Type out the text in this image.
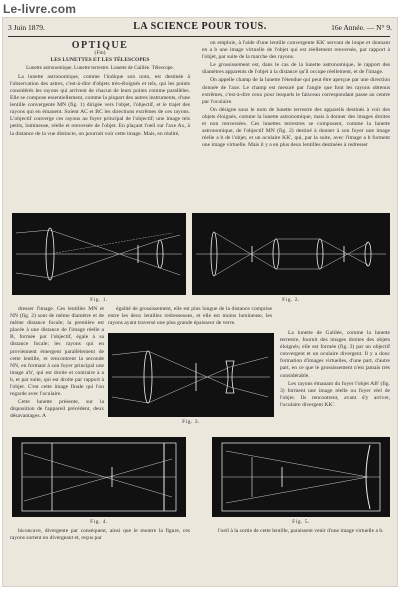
Le-livre.com
3 Juin 1879.	LA SCIENCE POUR TOUS.	16e Année. — N° 9.
OPTIQUE
(Fin)
LES LUNETTES ET LES TÉLESCOPES
Lunette astronomique. Lunette terrestre. Lunette de Galilée. Télescope.

La lunette astronomique, comme l'indique son nom, est destinée à l'observation des astres, c'est-à-dire d'objets très-éloignés et tels, qui les points considérés les rayons qui arrivent de chacun de leurs points comme parallèles. Elle se compose essentiellement, comme la plupart des autres instruments, d'une lentille convergente MN (fig. 1) dirigée vers l'objet, l'objectif, et le trajet des rayons qui en émanent. Soient AC et BC les directions extrêmes de ces rayons. L'objectif converge ces rayons au foyer principal de l'objectif; une image tels petits, lumineuse, réelle et renversée de l'objet. En plaçant l'oeil sur l'axe Ax, à la distance de la vue distincte, on pourrait voir cette image. Mais, en réalité,

on emploie, à l'aide d'une lentille convergente KK' servant de loupe et donnant en a b une image virtuelle de l'objet qui est réellement renversée, par rapport à l'objet, par suite de la marche des rayons.

Le grossissement est, dans le cas de la lunette astronomique, le rapport des diamètres apparents de l'objet à la distance qu'il occupe réellement, et de l'image.

On appelle champ de la lunette l'étendue qui peut être aperçue par une direction donnée de l'axe. Le champ est mesuré par l'angle que font les rayons obtenus extrêmes, c'est-à-dire ceux pour lesquels le faisceau correspondant passe au centre par l'oculaire.

On désigne sous le nom de lunette terrestre des appareils destinés à voir des objets éloignés, comme la lunette astronomique, mais à donner des images droites et non renversées. Ces lunettes terrestres se composent, comme la lunette astronomique, de l'objectif MN (fig. 2) destiné à donner à son foyer une image réelle a b de l'objet, et un oculaire KK', qui, par la suite, avec l'image a b forment une image virtuelle. Mais il y a en plus deux lentilles destinées à redresser

Fig. 1.	Fig. 2.

dresser l'image. Ces lentilles MN et NN (fig. 2) sont de même diamètre et de même distance focale; la première est placée à une distance de l'image réelle a B, formée par l'objectif, égale à sa distance focale; les rayons qui en proviennent émergent parallèlement de cette lentille, et rencontrent la seconde NN, en formant à son foyer principal une image a'b', qui est droite et contraire à a b, et par suite, qui est droite par rapport à l'objet. C'est cette image finale qui l'on regarde avec l'oculaire.

Cette lunette présente, sur la disposition de l'appareil précédent, deux désavantages. A

égalité de grossissement, elle est plus longue de la distance comprise entre les deux lentilles redresseuses, et elle est moins lumineuse, les rayons ayant traversé une plus grande épaisseur de verre.

Fig. 3.

La lunette de Galilée, comme la lunette terrestre, fournit des images droites des objets éloignés; elle est formée (fig. 3) par un objectif convergent et un oculaire divergent. Il y a donc formation d'images virtuelles, d'une part, d'autre part, en ce que le grossissement n'est jamais très considérable.

Les rayons émanant du foyer l'objet AB' (fig. 3) forment une image réelle ou foyer réel de l'objet. Ils rencontrent, avant d'y arriver, l'oculaire divergent KK'.

Fig. 4.	Fig. 5.

biconcave, divergente par conséquent, ainsi que le montre la figure, ces rayons sortent en divergeant et, reçus par

l'oeil à la sortie de cette lentille, paraissent venir d'une image virtuelle a b.
